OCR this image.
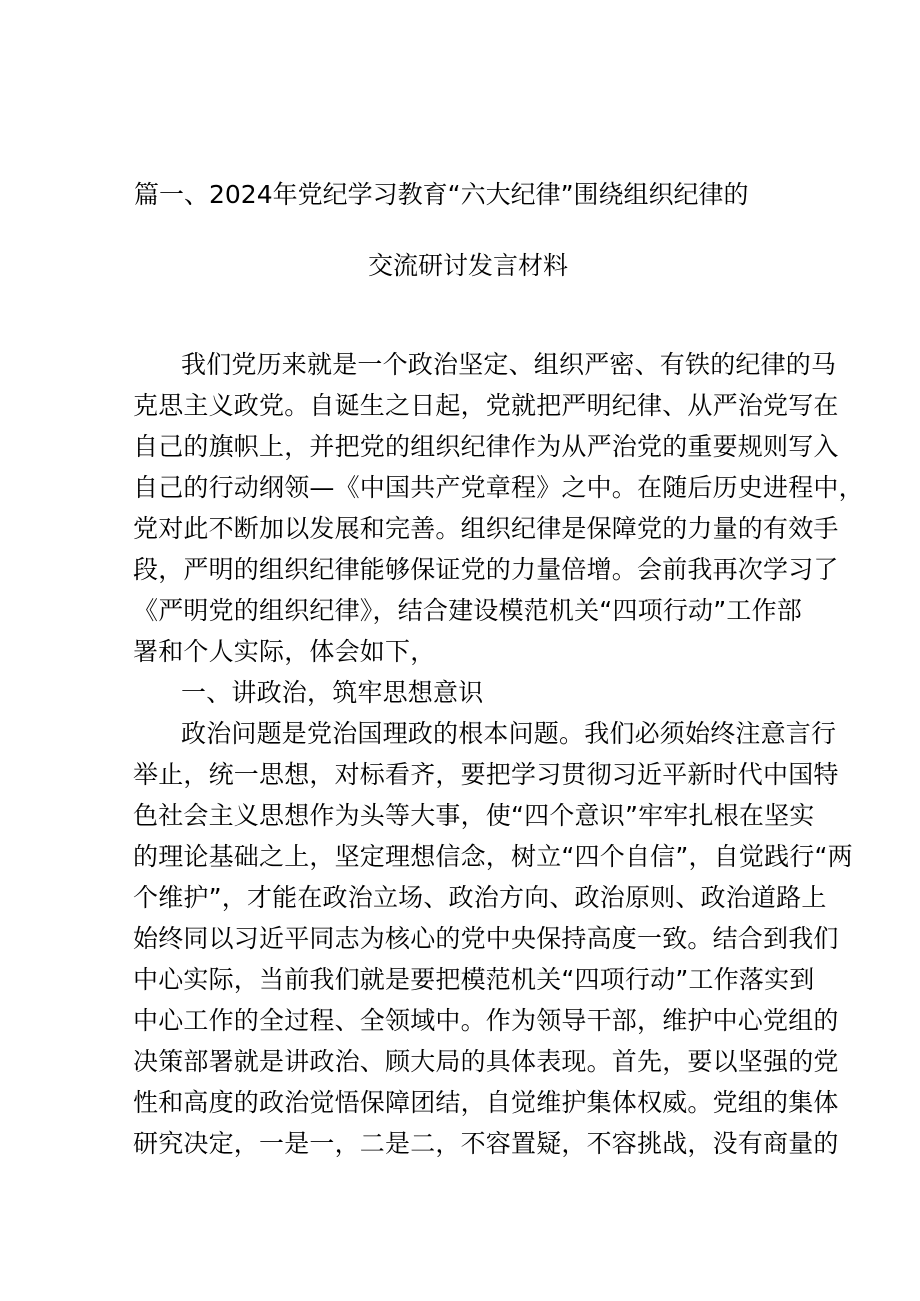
篇一、2024年党纪学习教育“六大纪律”围绕组织纪律的
交流研讨发言材料
我们党历来就是一个政治坚定、组织严密、有铁的纪律的马
克思主义政党。自诞生之日起，党就把严明纪律、从严治党写在
自己的旗帜上，并把党的组织纪律作为从严治党的重要规则写入
自己的行动纲领—《中国共产党章程》之中。在随后历史进程中，
党对此不断加以发展和完善。组织纪律是保障党的力量的有效手
段，严明的组织纪律能够保证党的力量倍增。会前我再次学习了
《严明党的组织纪律》，结合建设模范机关“四项行动”工作部
署和个人实际，体会如下，
一、讲政治，筑牢思想意识
政治问题是党治国理政的根本问题。我们必须始终注意言行
举止，统一思想，对标看齐，要把学习贯彻习近平新时代中国特
色社会主义思想作为头等大事，使“四个意识”牢牢扎根在坚实
的理论基础之上，坚定理想信念，树立“四个自信”，自觉践行“两
个维护”，才能在政治立场、政治方向、政治原则、政治道路上
始终同以习近平同志为核心的党中央保持高度一致。结合到我们
中心实际，当前我们就是要把模范机关“四项行动”工作落实到
中心工作的全过程、全领域中。作为领导干部，维护中心党组的
决策部署就是讲政治、顾大局的具体表现。首先，要以坚强的党
性和高度的政治觉悟保障团结，自觉维护集体权威。党组的集体
研究决定，一是一，二是二，不容置疑，不容挑战，没有商量的
